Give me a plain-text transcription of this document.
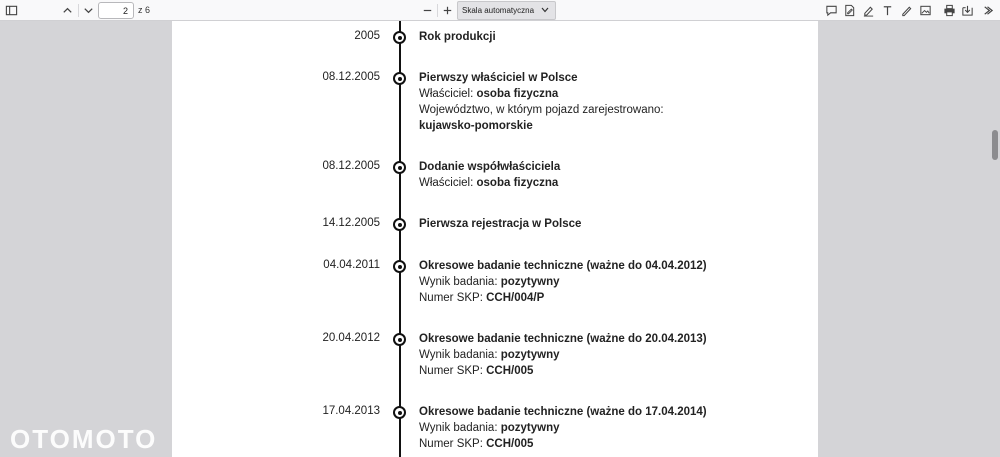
2
z 6	Skala automatyczna
2005	Rok produkcji
08.12.2005	Pierwszy właściciel w Polsce
Właściciel: osoba fizyczna
Województwo, w którym pojazd zarejestrowano: kujawsko-pomorskie
08.12.2005	Dodanie współwłaściciela
Właściciel: osoba fizyczna
14.12.2005	Pierwsza rejestracja w Polsce
04.04.2011	Okresowe badanie techniczne (ważne do 04.04.2012)
Wynik badania: pozytywny
Numer SKP: CCH/004/P
20.04.2012	Okresowe badanie techniczne (ważne do 20.04.2013)
Wynik badania: pozytywny
Numer SKP: CCH/005
17.04.2013	Okresowe badanie techniczne (ważne do 17.04.2014)
Wynik badania: pozytywny
Numer SKP: CCH/005
OTOMOTO
